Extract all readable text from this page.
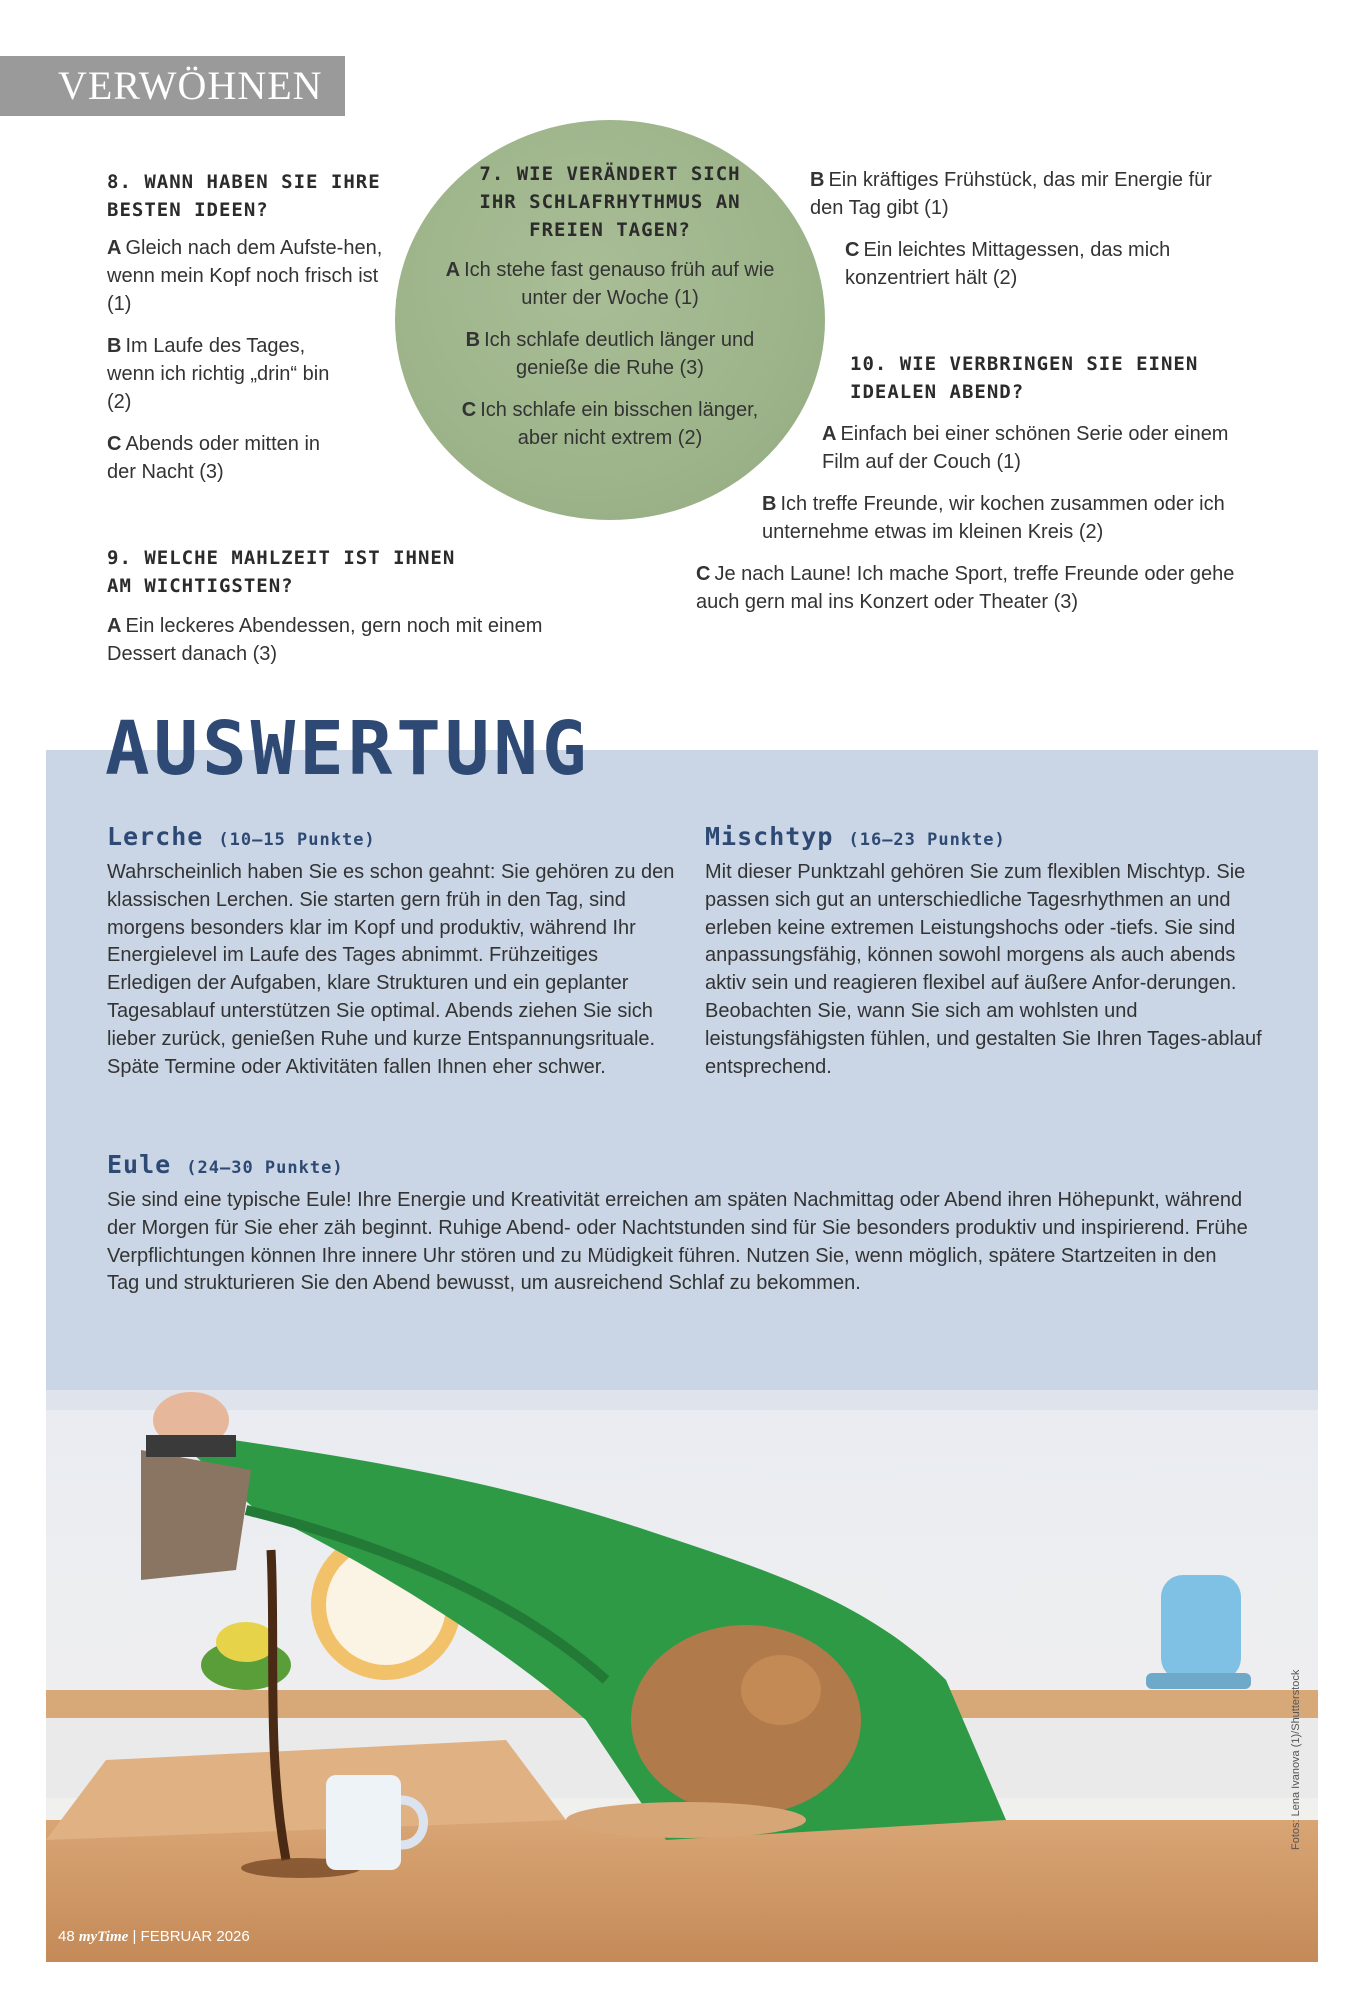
VERWÖHNEN
8. WANN HABEN SIE IHRE BESTEN IDEEN?
A Gleich nach dem Aufste-hen, wenn mein Kopf noch frisch ist (1)
B Im Laufe des Tages, wenn ich richtig „drin“ bin (2)
C Abends oder mitten in der Nacht (3)
7. WIE VERÄNDERT SICH IHR SCHLAFRHYTHMUS AN FREIEN TAGEN?
A Ich stehe fast genauso früh auf wie unter der Woche (1)
B Ich schlafe deutlich länger und genieße die Ruhe (3)
C Ich schlafe ein bisschen länger, aber nicht extrem (2)
9. WELCHE MAHLZEIT IST IHNEN AM WICHTIGSTEN?
A Ein leckeres Abendessen, gern noch mit einem Dessert danach (3)
B Ein kräftiges Frühstück, das mir Energie für den Tag gibt (1)
C Ein leichtes Mittagessen, das mich konzentriert hält (2)
10. WIE VERBRINGEN SIE EINEN IDEALEN ABEND?
A Einfach bei einer schönen Serie oder einem Film auf der Couch (1)
B Ich treffe Freunde, wir kochen zusammen oder ich unternehme etwas im kleinen Kreis (2)
C Je nach Laune! Ich mache Sport, treffe Freunde oder gehe auch gern mal ins Konzert oder Theater (3)
AUSWERTUNG
Lerche (10–15 Punkte)
Wahrscheinlich haben Sie es schon geahnt: Sie gehören zu den klassischen Lerchen. Sie starten gern früh in den Tag, sind morgens besonders klar im Kopf und produktiv, während Ihr Energielevel im Laufe des Tages abnimmt. Frühzeitiges Erledigen der Aufgaben, klare Strukturen und ein geplanter Tagesablauf unterstützen Sie optimal. Abends ziehen Sie sich lieber zurück, genießen Ruhe und kurze Entspannungsrituale. Späte Termine oder Aktivitäten fallen Ihnen eher schwer.
Mischtyp (16–23 Punkte)
Mit dieser Punktzahl gehören Sie zum flexiblen Mischtyp. Sie passen sich gut an unterschiedliche Tagesrhythmen an und erleben keine extremen Leistungshochs oder -tiefs. Sie sind anpassungsfähig, können sowohl morgens als auch abends aktiv sein und reagieren flexibel auf äußere Anfor-derungen. Beobachten Sie, wann Sie sich am wohlsten und leistungsfähigsten fühlen, und gestalten Sie Ihren Tages-ablauf entsprechend.
Eule (24–30 Punkte)
Sie sind eine typische Eule! Ihre Energie und Kreativität erreichen am späten Nachmittag oder Abend ihren Höhepunkt, während der Morgen für Sie eher zäh beginnt. Ruhige Abend- oder Nachtstunden sind für Sie besonders produktiv und inspirierend. Frühe Verpflichtungen können Ihre innere Uhr stören und zu Müdigkeit führen. Nutzen Sie, wenn möglich, spätere Startzeiten in den Tag und strukturieren Sie den Abend bewusst, um ausreichend Schlaf zu bekommen.
Fotos: Lena Ivanova (1)/Shutterstock
48 myTime | FEBRUAR 2026
